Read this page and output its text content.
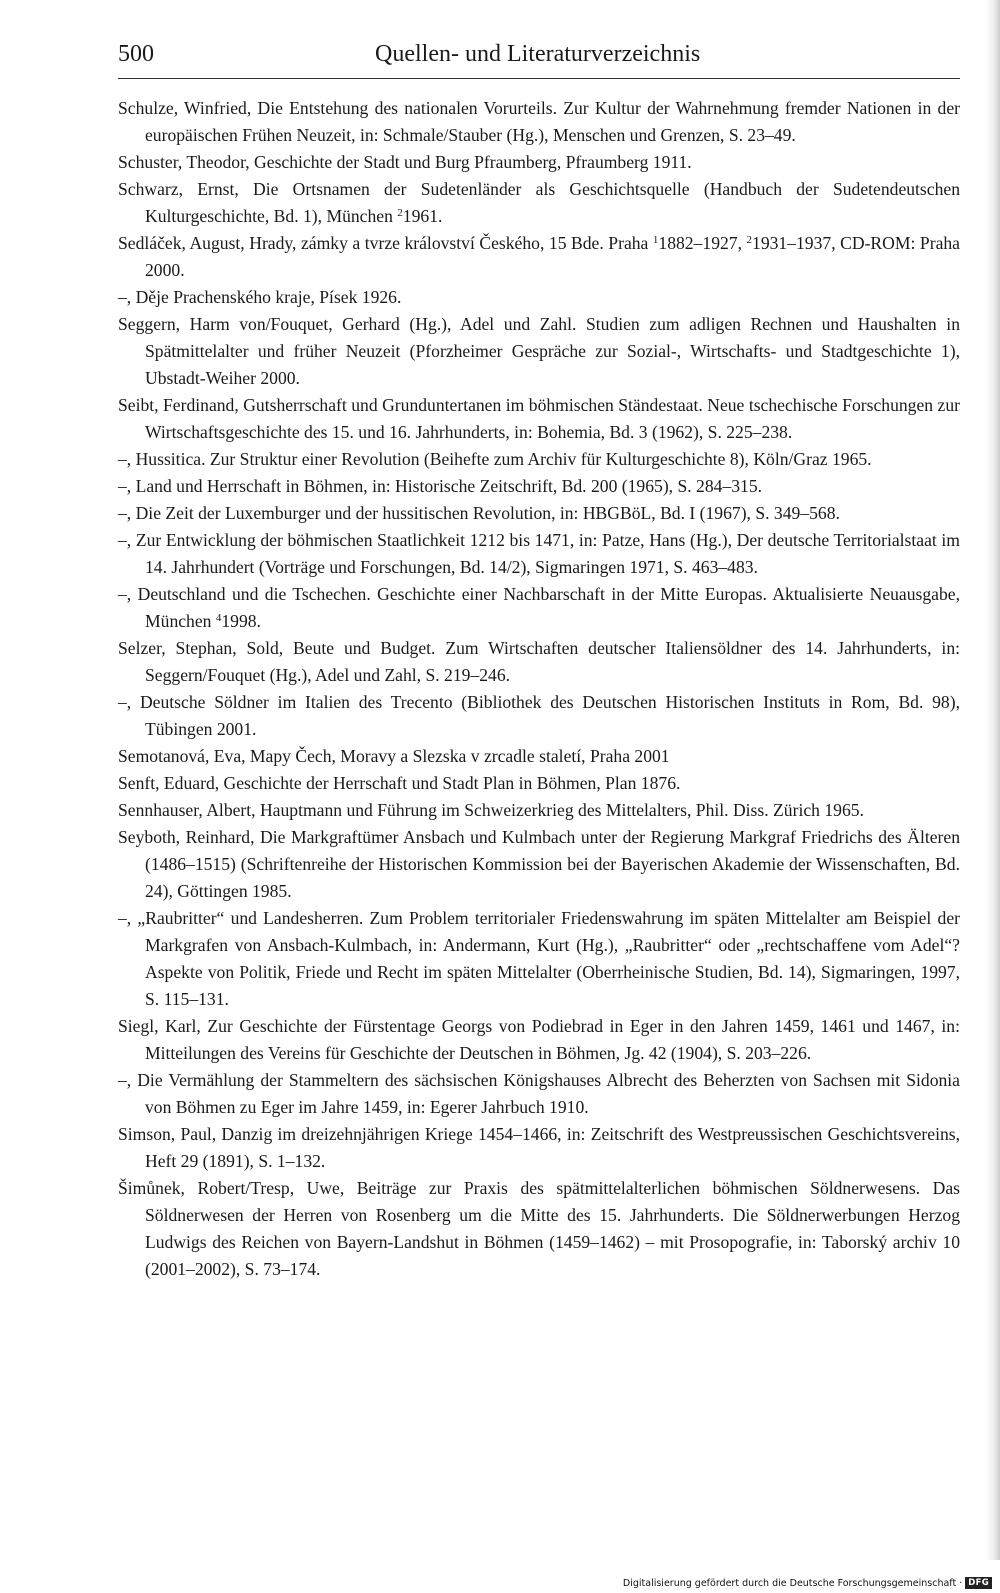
500	Quellen- und Literaturverzeichnis
Schulze, Winfried, Die Entstehung des nationalen Vorurteils. Zur Kultur der Wahrnehmung fremder Nationen in der europäischen Frühen Neuzeit, in: Schmale/Stauber (Hg.), Menschen und Grenzen, S. 23–49.
Schuster, Theodor, Geschichte der Stadt und Burg Pfraumberg, Pfraumberg 1911.
Schwarz, Ernst, Die Ortsnamen der Sudetenländer als Geschichtsquelle (Handbuch der Sudetendeutschen Kulturgeschichte, Bd. 1), München $^2$1961.
Sedláček, August, Hrady, zámky a tvrze království Českého, 15 Bde. Praha $^1$1882–1927, $^2$1931–1937, CD-ROM: Praha 2000.
–, Děje Prachenského kraje, Písek 1926.
Seggern, Harm von/Fouquet, Gerhard (Hg.), Adel und Zahl. Studien zum adligen Rechnen und Haushalten in Spätmittelalter und früher Neuzeit (Pforzheimer Gespräche zur Sozial-, Wirtschafts- und Stadtgeschichte 1), Ubstadt-Weiher 2000.
Seibt, Ferdinand, Gutsherrschaft und Grunduntertanen im böhmischen Ständestaat. Neue tschechische Forschungen zur Wirtschaftsgeschichte des 15. und 16. Jahrhunderts, in: Bohemia, Bd. 3 (1962), S. 225–238.
–, Hussitica. Zur Struktur einer Revolution (Beihefte zum Archiv für Kulturgeschichte 8), Köln/Graz 1965.
–, Land und Herrschaft in Böhmen, in: Historische Zeitschrift, Bd. 200 (1965), S. 284–315.
–, Die Zeit der Luxemburger und der hussitischen Revolution, in: HBGBöL, Bd. I (1967), S. 349–568.
–, Zur Entwicklung der böhmischen Staatlichkeit 1212 bis 1471, in: Patze, Hans (Hg.), Der deutsche Territorialstaat im 14. Jahrhundert (Vorträge und Forschungen, Bd. 14/2), Sigmaringen 1971, S. 463–483.
–, Deutschland und die Tschechen. Geschichte einer Nachbarschaft in der Mitte Europas. Aktualisierte Neuausgabe, München $^4$1998.
Selzer, Stephan, Sold, Beute und Budget. Zum Wirtschaften deutscher Italiensöldner des 14. Jahrhunderts, in: Seggern/Fouquet (Hg.), Adel und Zahl, S. 219–246.
–, Deutsche Söldner im Italien des Trecento (Bibliothek des Deutschen Historischen Instituts in Rom, Bd. 98), Tübingen 2001.
Semotanová, Eva, Mapy Čech, Moravy a Slezska v zrcadle staletí, Praha 2001
Senft, Eduard, Geschichte der Herrschaft und Stadt Plan in Böhmen, Plan 1876.
Sennhauser, Albert, Hauptmann und Führung im Schweizerkrieg des Mittelalters, Phil. Diss. Zürich 1965.
Seyboth, Reinhard, Die Markgraftümer Ansbach und Kulmbach unter der Regierung Markgraf Friedrichs des Älteren (1486–1515) (Schriftenreihe der Historischen Kommission bei der Bayerischen Akademie der Wissenschaften, Bd. 24), Göttingen 1985.
–, „Raubritter“ und Landesherren. Zum Problem territorialer Friedenswahrung im späten Mittelalter am Beispiel der Markgrafen von Ansbach-Kulmbach, in: Andermann, Kurt (Hg.), „Raubritter“ oder „rechtschaffene vom Adel“? Aspekte von Politik, Friede und Recht im späten Mittelalter (Oberrheinische Studien, Bd. 14), Sigmaringen, 1997, S. 115–131.
Siegl, Karl, Zur Geschichte der Fürstentage Georgs von Podiebrad in Eger in den Jahren 1459, 1461 und 1467, in: Mitteilungen des Vereins für Geschichte der Deutschen in Böhmen, Jg. 42 (1904), S. 203–226.
–, Die Vermählung der Stammeltern des sächsischen Königshauses Albrecht des Beherzten von Sachsen mit Sidonia von Böhmen zu Eger im Jahre 1459, in: Egerer Jahrbuch 1910.
Simson, Paul, Danzig im dreizehnjährigen Kriege 1454–1466, in: Zeitschrift des Westpreussischen Geschichtsvereins, Heft 29 (1891), S. 1–132.
Šimůnek, Robert/Tresp, Uwe, Beiträge zur Praxis des spätmittelalterlichen böhmischen Söldnerwesens. Das Söldnerwesen der Herren von Rosenberg um die Mitte des 15. Jahrhunderts. Die Söldnerwerbungen Herzog Ludwigs des Reichen von Bayern-Landshut in Böhmen (1459–1462) – mit Prosopografie, in: Taborský archiv 10 (2001–2002), S. 73–174.
Digitalisierung gefördert durch die Deutsche Forschungsgemeinschaft · DFG
